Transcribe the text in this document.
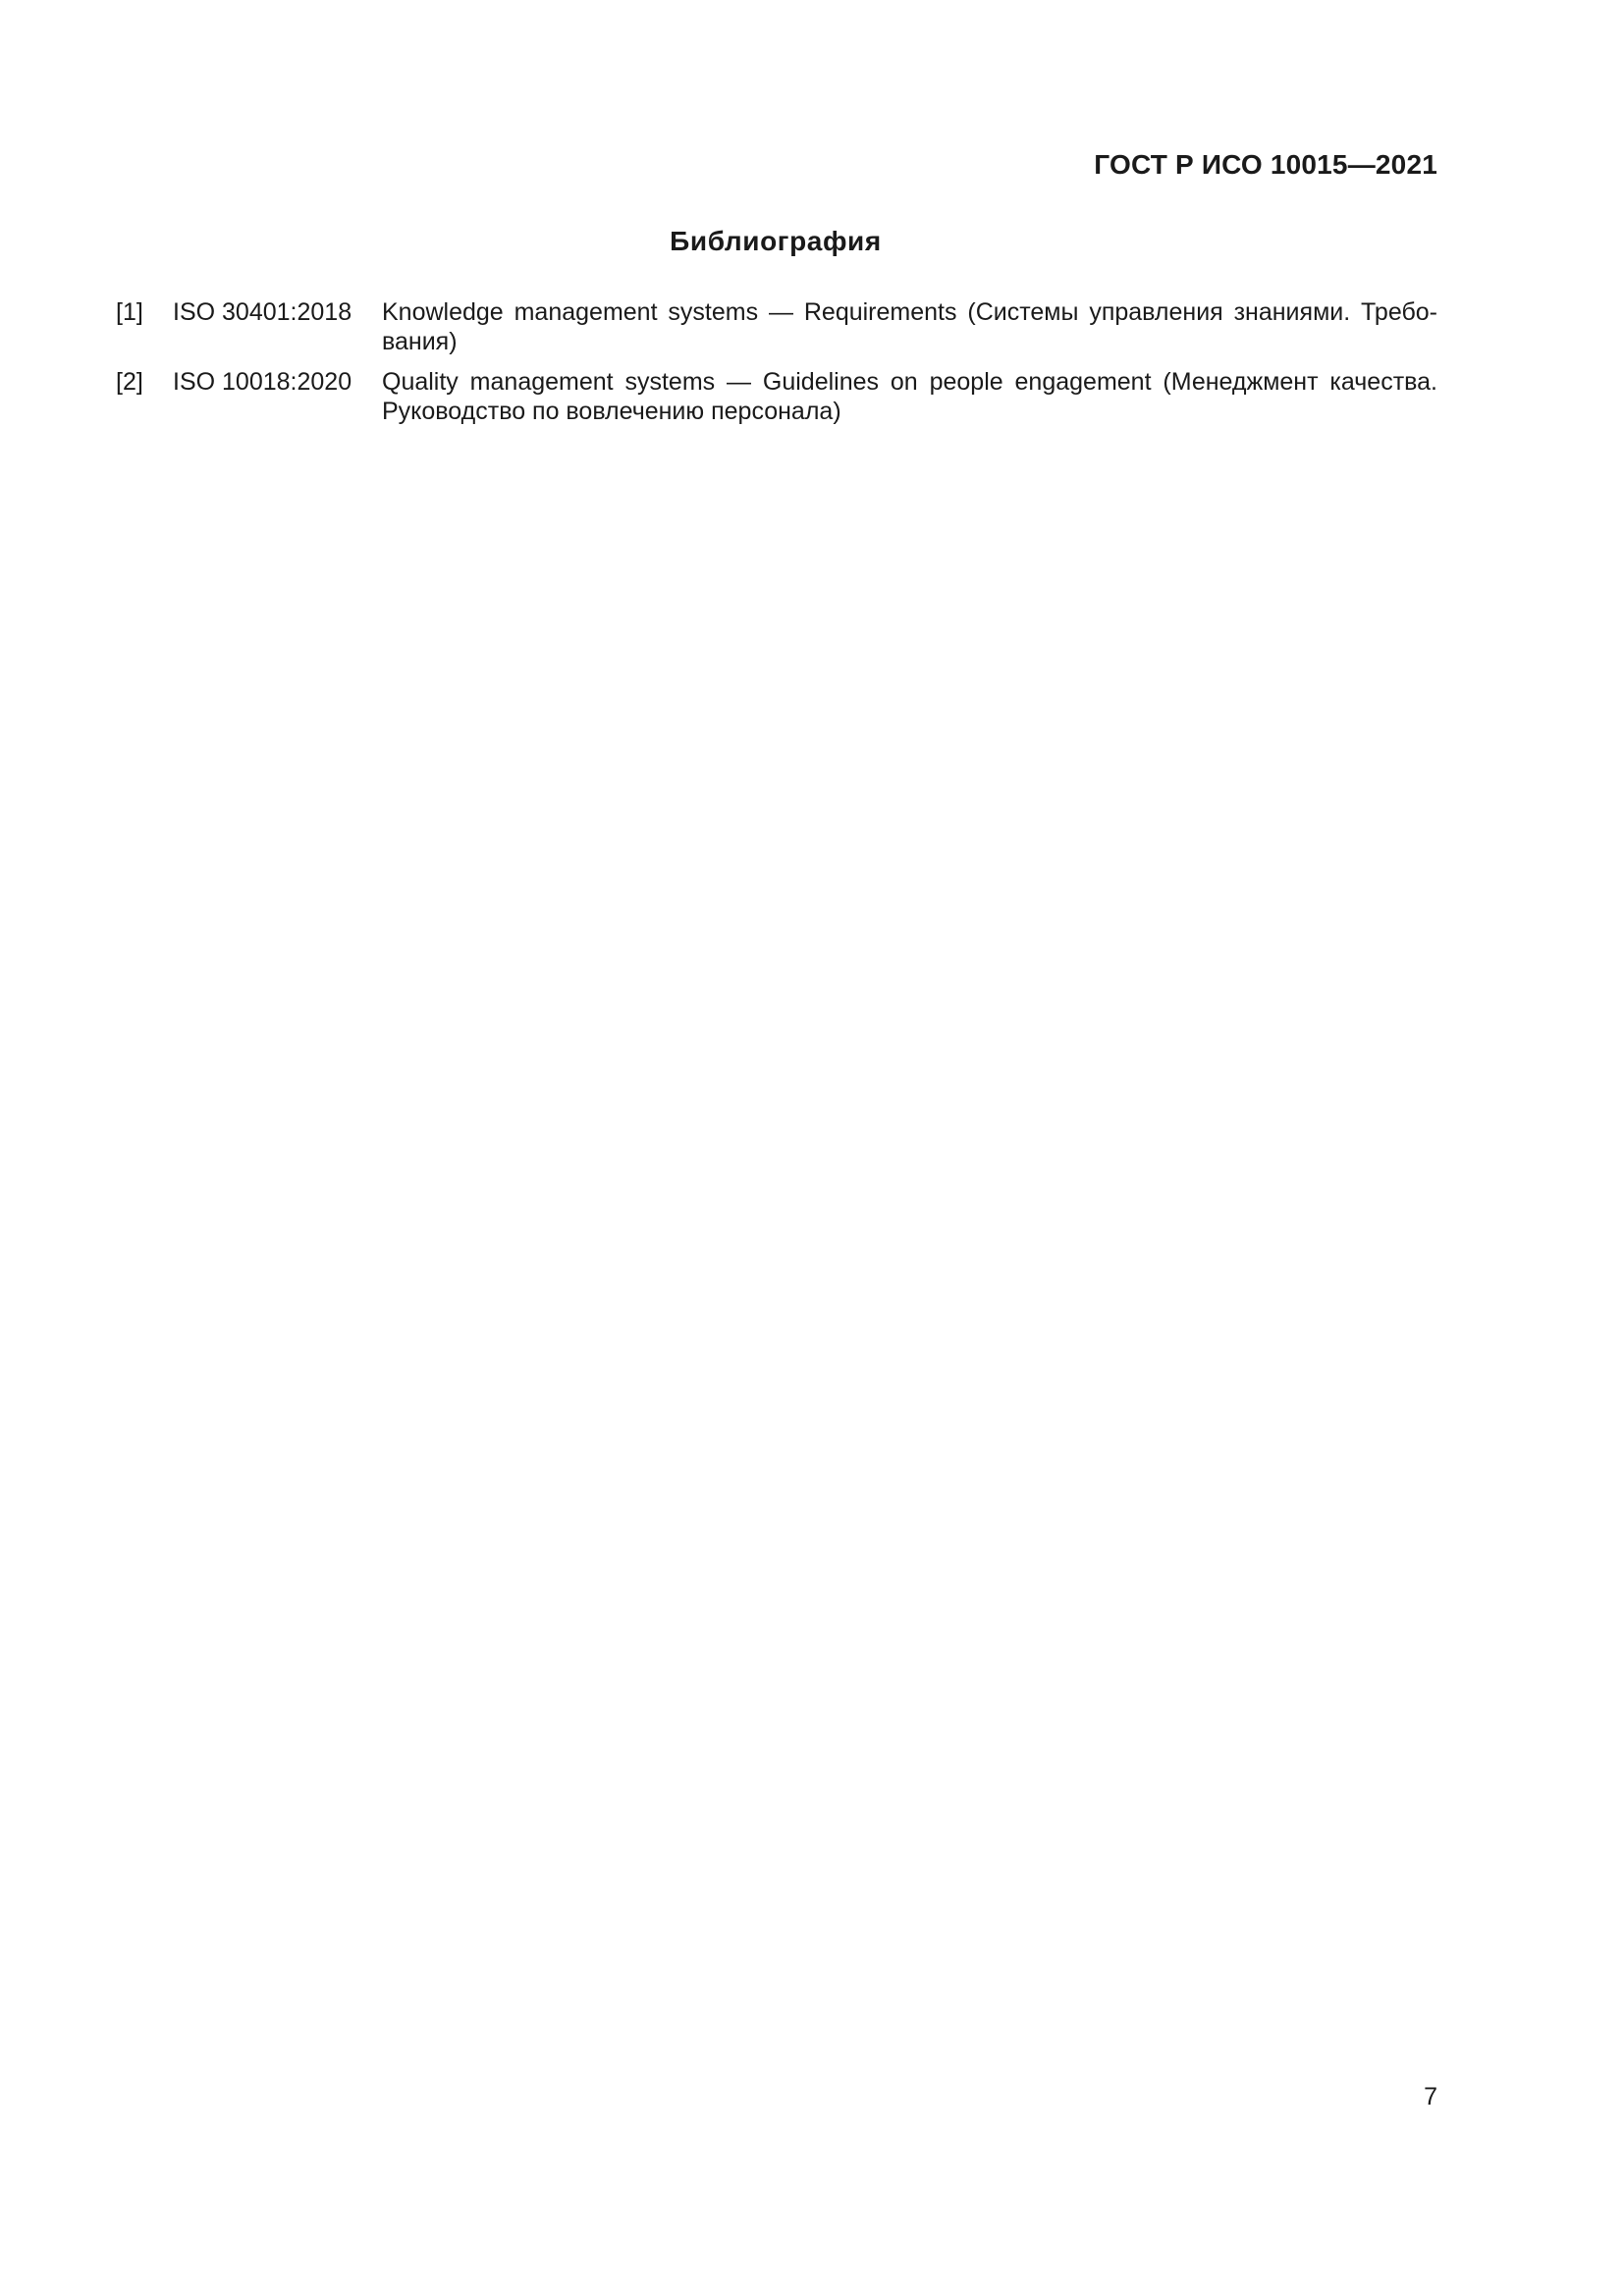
ГОСТ Р ИСО 10015—2021
Библиография
[1]	ISO 30401:2018	Knowledge management systems — Requirements (Системы управления знаниями. Требования)
[2]	ISO 10018:2020	Quality management systems — Guidelines on people engagement (Менеджмент качества. Руководство по вовлечению персонала)
7
